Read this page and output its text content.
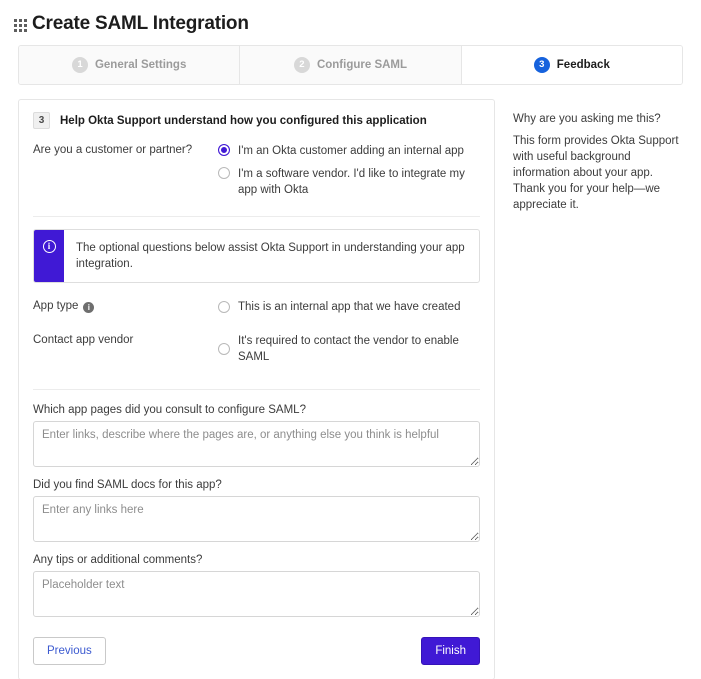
Create SAML Integration
1	General Settings	2	Configure SAML	3	Feedback
3	Help Okta Support understand how you configured this application
Are you a customer or partner?	I'm an Okta customer adding an internal app
I'm a software vendor. I'd like to integrate my app with Okta
i	The optional questions below assist Okta Support in understanding your app integration.
App type	i	This is an internal app that we have created
Contact app vendor	It's required to contact the vendor to enable SAML
Which app pages did you consult to configure SAML?
Enter links, describe where the pages are, or anything else you think is helpful
Did you find SAML docs for this app?
Enter any links here
Any tips or additional comments?
Placeholder text
Previous	Finish
Why are you asking me this?

This form provides Okta Support with useful background information about your app. Thank you for your help—we appreciate it.
